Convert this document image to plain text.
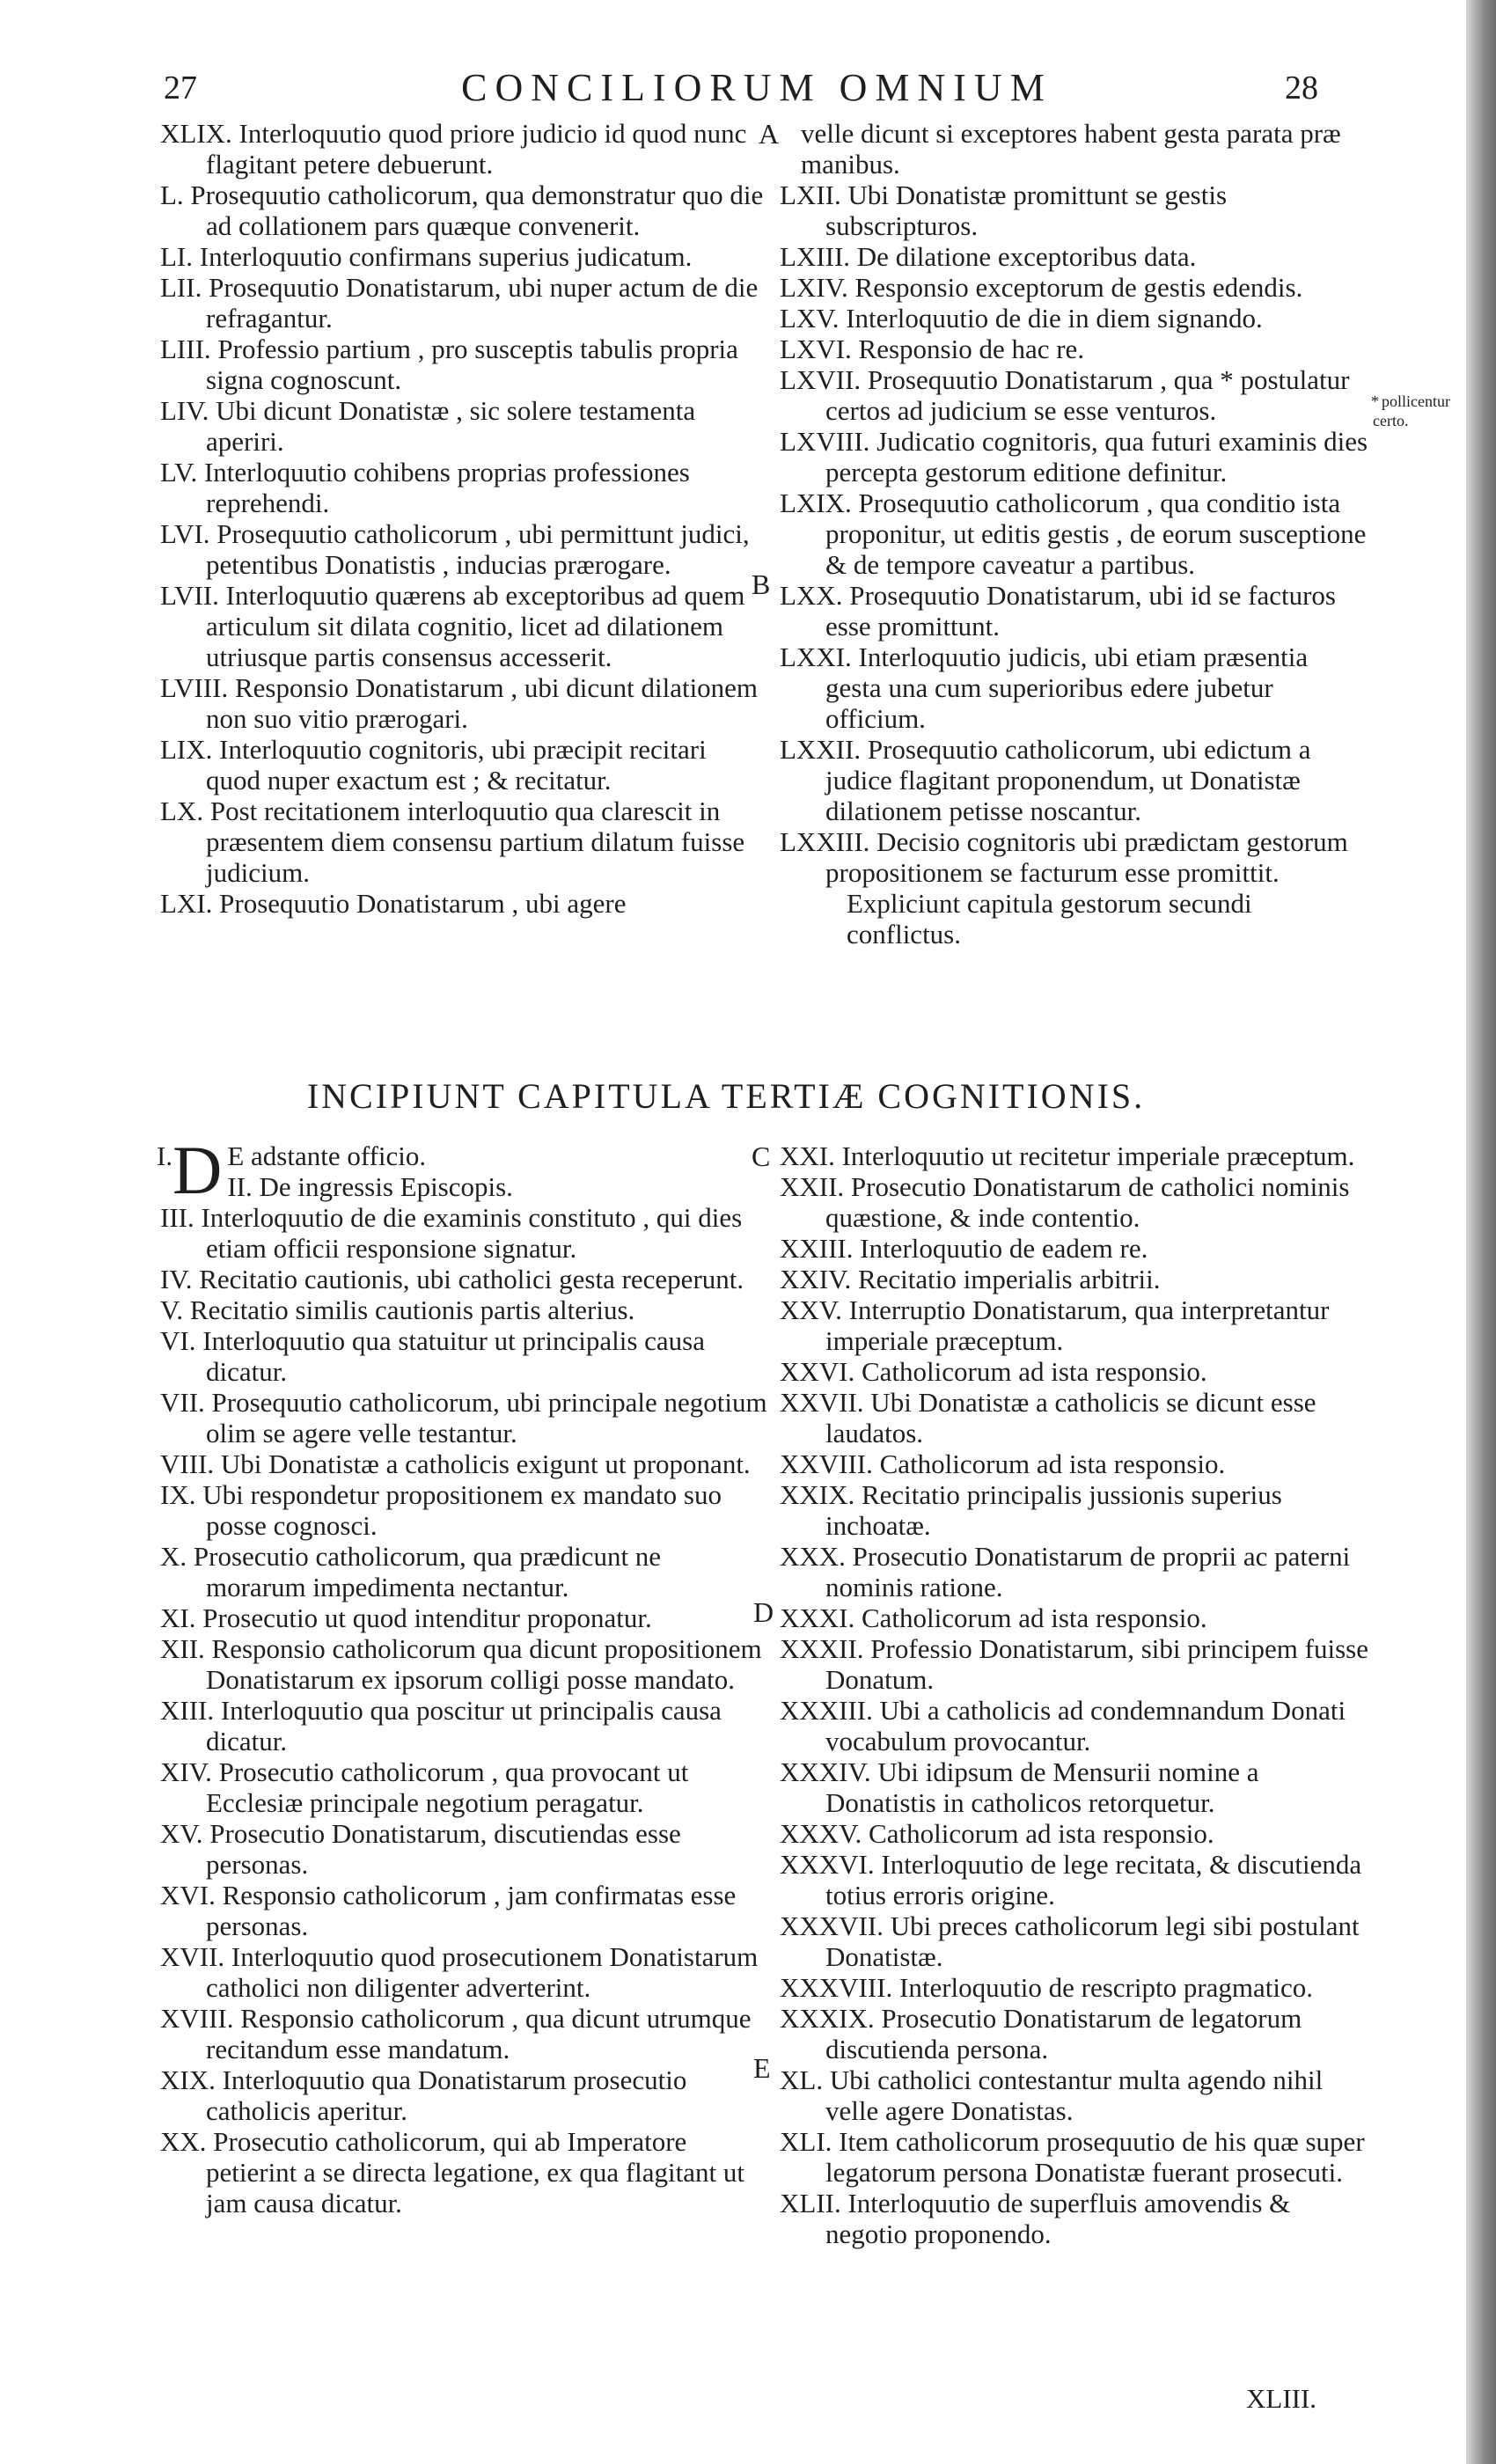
27	CONCILIORUM OMNIUM	28

XLIX. Interloquutio quod priore judicio id quod nunc flagitant petere debuerunt.

L. Prosequutio catholicorum, qua demonstratur quo die ad collationem pars quæque convenerit.

LI. Interloquutio confirmans superius judicatum.

LII. Prosequutio Donatistarum, ubi nuper actum de die refragantur.

LIII. Professio partium , pro susceptis tabulis propria signa cognoscunt.

LIV. Ubi dicunt Donatistæ , sic solere testamenta aperiri.

LV. Interloquutio cohibens proprias professiones reprehendi.

LVI. Prosequutio catholicorum , ubi permittunt judici, petentibus Donatistis , inducias prærogare.

LVII. Interloquutio quærens ab exceptoribus ad quem articulum sit dilata cognitio, licet ad dilationem utriusque partis consensus accesserit.

LVIII. Responsio Donatistarum , ubi dicunt dilationem non suo vitio prærogari.

LIX. Interloquutio cognitoris, ubi præcipit recitari quod nuper exactum est ; & recitatur.

LX. Post recitationem interloquutio qua clarescit in præsentem diem consensu partium dilatum fuisse judicium.

LXI. Prosequutio Donatistarum , ubi agere

velle dicunt si exceptores habent gesta parata præ manibus.

LXII. Ubi Donatistæ promittunt se gestis subscripturos.

LXIII. De dilatione exceptoribus data.

LXIV. Responsio exceptorum de gestis edendis.

LXV. Interloquutio de die in diem signando.

LXVI. Responsio de hac re.

LXVII. Prosequutio Donatistarum , qua * postulatur certos ad judicium se esse venturos.

LXVIII. Judicatio cognitoris, qua futuri examinis dies percepta gestorum editione definitur.

LXIX. Prosequutio catholicorum , qua conditio ista proponitur, ut editis gestis , de eorum susceptione & de tempore caveatur a partibus.

LXX. Prosequutio Donatistarum, ubi id se facturos esse promittunt.

LXXI. Interloquutio judicis, ubi etiam præsentia gesta una cum superioribus edere jubetur officium.

LXXII. Prosequutio catholicorum, ubi edictum a judice flagitant proponendum, ut Donatistæ dilationem petisse noscantur.

LXXIII. Decisio cognitoris ubi prædictam gestorum propositionem se facturum esse promittit.

Expliciunt capitula gestorum secundi conflictus.

A
B
C
D
E
* pollicentur
certo.
INCIPIUNT CAPITULA TERTIÆ COGNITIONIS.
D
I.	E adstante officio.
II. De ingressis Episcopis.

III. Interloquutio de die examinis constituto , qui dies etiam officii responsione signatur.

IV. Recitatio cautionis, ubi catholici gesta receperunt.

V. Recitatio similis cautionis partis alterius.

VI. Interloquutio qua statuitur ut principalis causa dicatur.

VII. Prosequutio catholicorum, ubi principale negotium olim se agere velle testantur.

VIII. Ubi Donatistæ a catholicis exigunt ut proponant.

IX. Ubi respondetur propositionem ex mandato suo posse cognosci.

X. Prosecutio catholicorum, qua prædicunt ne morarum impedimenta nectantur.

XI. Prosecutio ut quod intenditur proponatur.

XII. Responsio catholicorum qua dicunt propositionem Donatistarum ex ipsorum colligi posse mandato.

XIII. Interloquutio qua poscitur ut principalis causa dicatur.

XIV. Prosecutio catholicorum , qua provocant ut Ecclesiæ principale negotium peragatur.

XV. Prosecutio Donatistarum, discutiendas esse personas.

XVI. Responsio catholicorum , jam confirmatas esse personas.

XVII. Interloquutio quod prosecutionem Donatistarum catholici non diligenter adverterint.

XVIII. Responsio catholicorum , qua dicunt utrumque recitandum esse mandatum.

XIX. Interloquutio qua Donatistarum prosecutio catholicis aperitur.

XX. Prosecutio catholicorum, qui ab Imperatore petierint a se directa legatione, ex qua flagitant ut jam causa dicatur.

XXI. Interloquutio ut recitetur imperiale præceptum.

XXII. Prosecutio Donatistarum de catholici nominis quæstione, & inde contentio.

XXIII. Interloquutio de eadem re.

XXIV. Recitatio imperialis arbitrii.

XXV. Interruptio Donatistarum, qua interpretantur imperiale præceptum.

XXVI. Catholicorum ad ista responsio.

XXVII. Ubi Donatistæ a catholicis se dicunt esse laudatos.

XXVIII. Catholicorum ad ista responsio.

XXIX. Recitatio principalis jussionis superius inchoatæ.

XXX. Prosecutio Donatistarum de proprii ac paterni nominis ratione.

XXXI. Catholicorum ad ista responsio.

XXXII. Professio Donatistarum, sibi principem fuisse Donatum.

XXXIII. Ubi a catholicis ad condemnandum Donati vocabulum provocantur.

XXXIV. Ubi idipsum de Mensurii nomine a Donatistis in catholicos retorquetur.

XXXV. Catholicorum ad ista responsio.

XXXVI. Interloquutio de lege recitata, & discutienda totius erroris origine.

XXXVII. Ubi preces catholicorum legi sibi postulant Donatistæ.

XXXVIII. Interloquutio de rescripto pragmatico.

XXXIX. Prosecutio Donatistarum de legatorum discutienda persona.

XL. Ubi catholici contestantur multa agendo nihil velle agere Donatistas.

XLI. Item catholicorum prosequutio de his quæ super legatorum persona Donatistæ fuerant prosecuti.

XLII. Interloquutio de superfluis amovendis & negotio proponendo.

XLIII.
